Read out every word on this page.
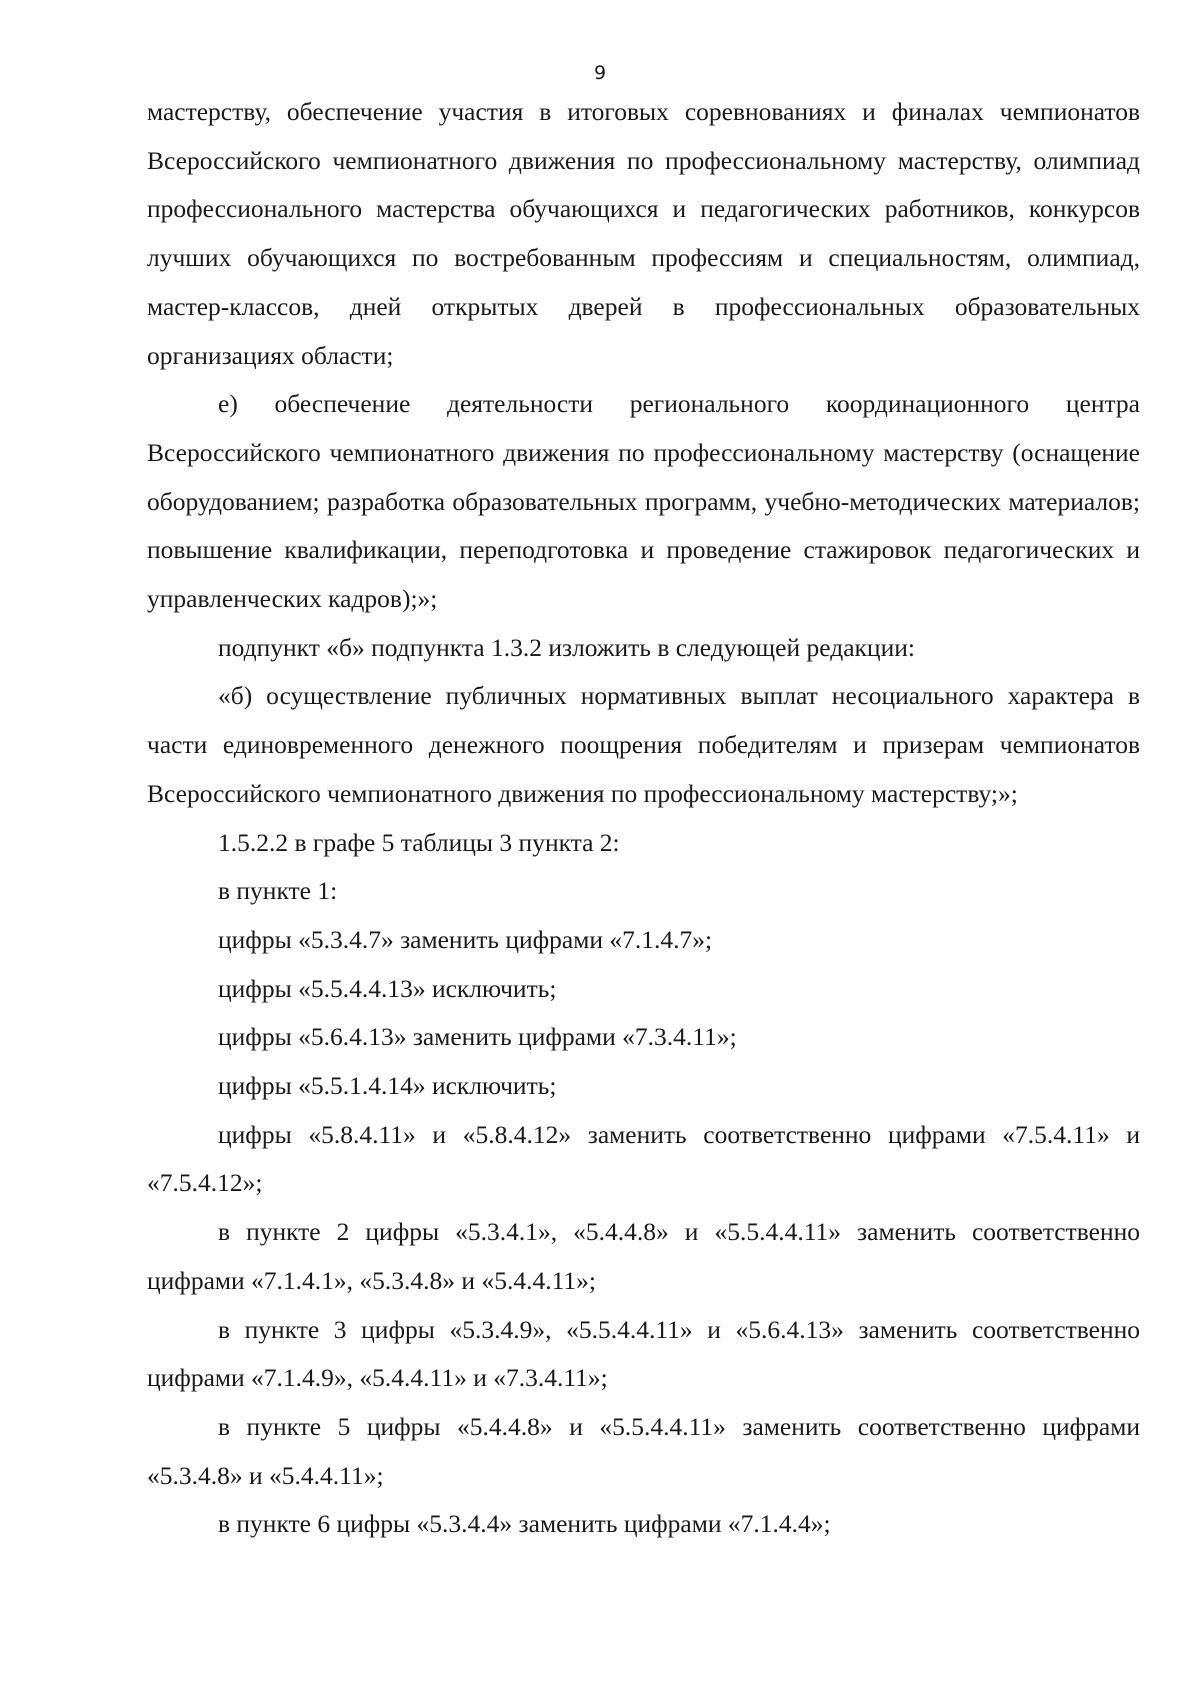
9

мастерству, обеспечение участия в итоговых соревнованиях и финалах чемпионатов Всероссийского чемпионатного движения по профессиональному мастерству, олимпиад профессионального мастерства обучающихся и педагогических работников, конкурсов лучших обучающихся по востребованным профессиям и специальностям, олимпиад, мастер-классов, дней открытых дверей в профессиональных образовательных организациях области;

е) обеспечение деятельности регионального координационного центра Всероссийского чемпионатного движения по профессиональному мастерству (оснащение оборудованием; разработка образовательных программ, учебно-методических материалов; повышение квалификации, переподготовка и проведение стажировок педагогических и управленческих кадров);»;

подпункт «б» подпункта 1.3.2 изложить в следующей редакции:

«б) осуществление публичных нормативных выплат несоциального характера в части единовременного денежного поощрения победителям и призерам чемпионатов Всероссийского чемпионатного движения по профессиональному мастерству;»;

1.5.2.2 в графе 5 таблицы 3 пункта 2:

в пункте 1:

цифры «5.3.4.7» заменить цифрами «7.1.4.7»;

цифры «5.5.4.4.13» исключить;

цифры «5.6.4.13» заменить цифрами «7.3.4.11»;

цифры «5.5.1.4.14» исключить;

цифры «5.8.4.11» и «5.8.4.12» заменить соответственно цифрами «7.5.4.11» и «7.5.4.12»;

в пункте 2 цифры «5.3.4.1», «5.4.4.8» и «5.5.4.4.11» заменить соответственно цифрами «7.1.4.1», «5.3.4.8» и «5.4.4.11»;

в пункте 3 цифры «5.3.4.9», «5.5.4.4.11» и «5.6.4.13» заменить соответственно цифрами «7.1.4.9», «5.4.4.11» и «7.3.4.11»;

в пункте 5 цифры «5.4.4.8» и «5.5.4.4.11» заменить соответственно цифрами «5.3.4.8» и «5.4.4.11»;

в пункте 6 цифры «5.3.4.4» заменить цифрами «7.1.4.4»;
